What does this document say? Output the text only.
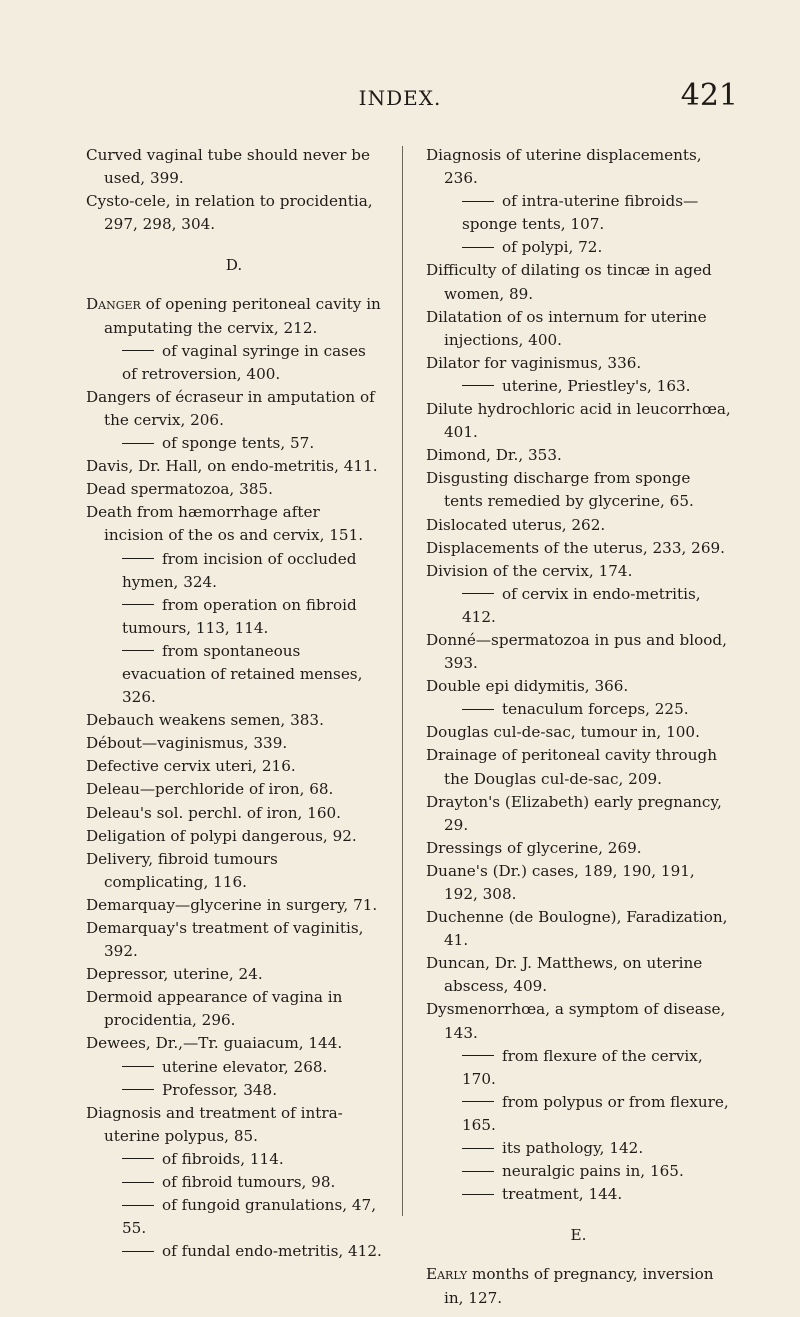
INDEX.	421

Curved vaginal tube should never be used, 399.

Cysto-cele, in relation to procidentia, 297, 298, 304.

D.

Danger of opening peritoneal cavity in amputating the cervix, 212.

of vaginal syringe in cases of retroversion, 400.

Dangers of écraseur in amputation of the cervix, 206.

of sponge tents, 57.

Davis, Dr. Hall, on endo-metritis, 411.

Dead spermatozoa, 385.

Death from hæmorrhage after incision of the os and cervix, 151.

from incision of occluded hymen, 324.

from operation on fibroid tumours, 113, 114.

from spontaneous evacuation of retained menses, 326.

Debauch weakens semen, 383.

Débout—vaginismus, 339.

Defective cervix uteri, 216.

Deleau—perchloride of iron, 68.

Deleau's sol. perchl. of iron, 160.

Deligation of polypi dangerous, 92.

Delivery, fibroid tumours complicating, 116.

Demarquay—glycerine in surgery, 71.

Demarquay's treatment of vaginitis, 392.

Depressor, uterine, 24.

Dermoid appearance of vagina in procidentia, 296.

Dewees, Dr.,—Tr. guaiacum, 144.

uterine elevator, 268.

Professor, 348.

Diagnosis and treatment of intra-uterine polypus, 85.

of fibroids, 114.

of fibroid tumours, 98.

of fungoid granulations, 47, 55.

of fundal endo-metritis, 412.

Diagnosis of uterine displacements, 236.

of intra-uterine fibroids—sponge tents, 107.

of polypi, 72.

Difficulty of dilating os tincæ in aged women, 89.

Dilatation of os internum for uterine injections, 400.

Dilator for vaginismus, 336.

uterine, Priestley's, 163.

Dilute hydrochloric acid in leucorrhœa, 401.

Dimond, Dr., 353.

Disgusting discharge from sponge tents remedied by glycerine, 65.

Dislocated uterus, 262.

Displacements of the uterus, 233, 269.

Division of the cervix, 174.

of cervix in endo-metritis, 412.

Donné—spermatozoa in pus and blood, 393.

Double epi didymitis, 366.

tenaculum forceps, 225.

Douglas cul-de-sac, tumour in, 100.

Drainage of peritoneal cavity through the Douglas cul-de-sac, 209.

Drayton's (Elizabeth) early pregnancy, 29.

Dressings of glycerine, 269.

Duane's (Dr.) cases, 189, 190, 191, 192, 308.

Duchenne (de Boulogne), Faradization, 41.

Duncan, Dr. J. Matthews, on uterine abscess, 409.

Dysmenorrhœa, a symptom of disease, 143.

from flexure of the cervix, 170.

from polypus or from flexure, 165.

its pathology, 142.

neuralgic pains in, 165.

treatment, 144.

E.

Early months of pregnancy, inversion in, 127.
